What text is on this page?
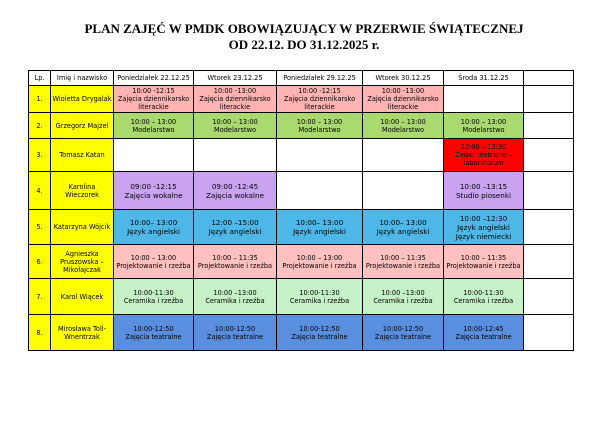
PLAN ZAJĘĆ W PMDK OBOWIĄZUJĄCY W PRZERWIE ŚWIĄTECZNEJ
OD 22.12. DO 31.12.2025 r.
Lp.	Imię i nazwisko	Poniedziałek 22.12.25	Wtorek 23.12.25	Poniedziałek 29.12.25	Wtorek 30.12.25	Środa 31.12.25	
1.	Wioletta Drygalak	10:00 -12:15
Zajęcia dziennikarsko
literackie	10:00 -13:00
Zajęcia dziennikarsko
literackie	10:00 -12:15
Zajęcia dziennikarsko
literackie	10:00 -13:00
Zajęcia dziennikarsko
literackie		

2.	Grzegorz Majzel	10:00 – 13:00
Modelarstwo	10:00 – 13:00
Modelarstwo	10:00 – 13:00
Modelarstwo	10:00 – 13:00
Modelarstwo	10:00 – 13:00
Modelarstwo	

3.	Tomasz Katan					10:00 – 13:30
Zajęci teatralne –
laboratoium	

4.	Karolina
Wieczorek	09:00 -12:15
Zajęcia wokalne	09:00 -12:45
Zajęcia wokalne			10:00 –13:15
Studio piosenki	

5.	Katarzyna Wójcik	10:00– 13:00
Język angielski	12:00 –15:00
Język angielski	10:00– 13:00
Język angielski	10:00– 13:00
Język angielski	10:00 –12:30
Język angielski
Język niemiecki	

6.	Agnieszka
Pruszowska –
Mikołajczak	10:00 – 13:00
Projektowanie i rzeźba	10:00 – 11:35
Projektowanie i rzeźba	10:00 – 13:00
Projektowanie i rzeźba	10:00 – 11:35
Projektowanie i rzeźba	10:00 – 11:35
Projektowanie i rzeźba	

7.	Karol Wiącek	10:00-11:30
Ceramika i rzeźba	10:00 –13:00
Ceramika i rzeźba	10:00-11:30
Ceramika i rzeźba	10:00 –13:00
Ceramika i rzeźba	10:00-11:30
Ceramika i rzeźba	

8.	Mirosława Toll-
Wnentrzak	10:00-12:50
Zajęcia teatralne	10:00-12:50
Zajęcia teatralne	10:00-12:50
Zajęcia teatralne	10:00-12:50
Zajęcia teatralne	10:00-12:45
Zajęcia teatralne	
